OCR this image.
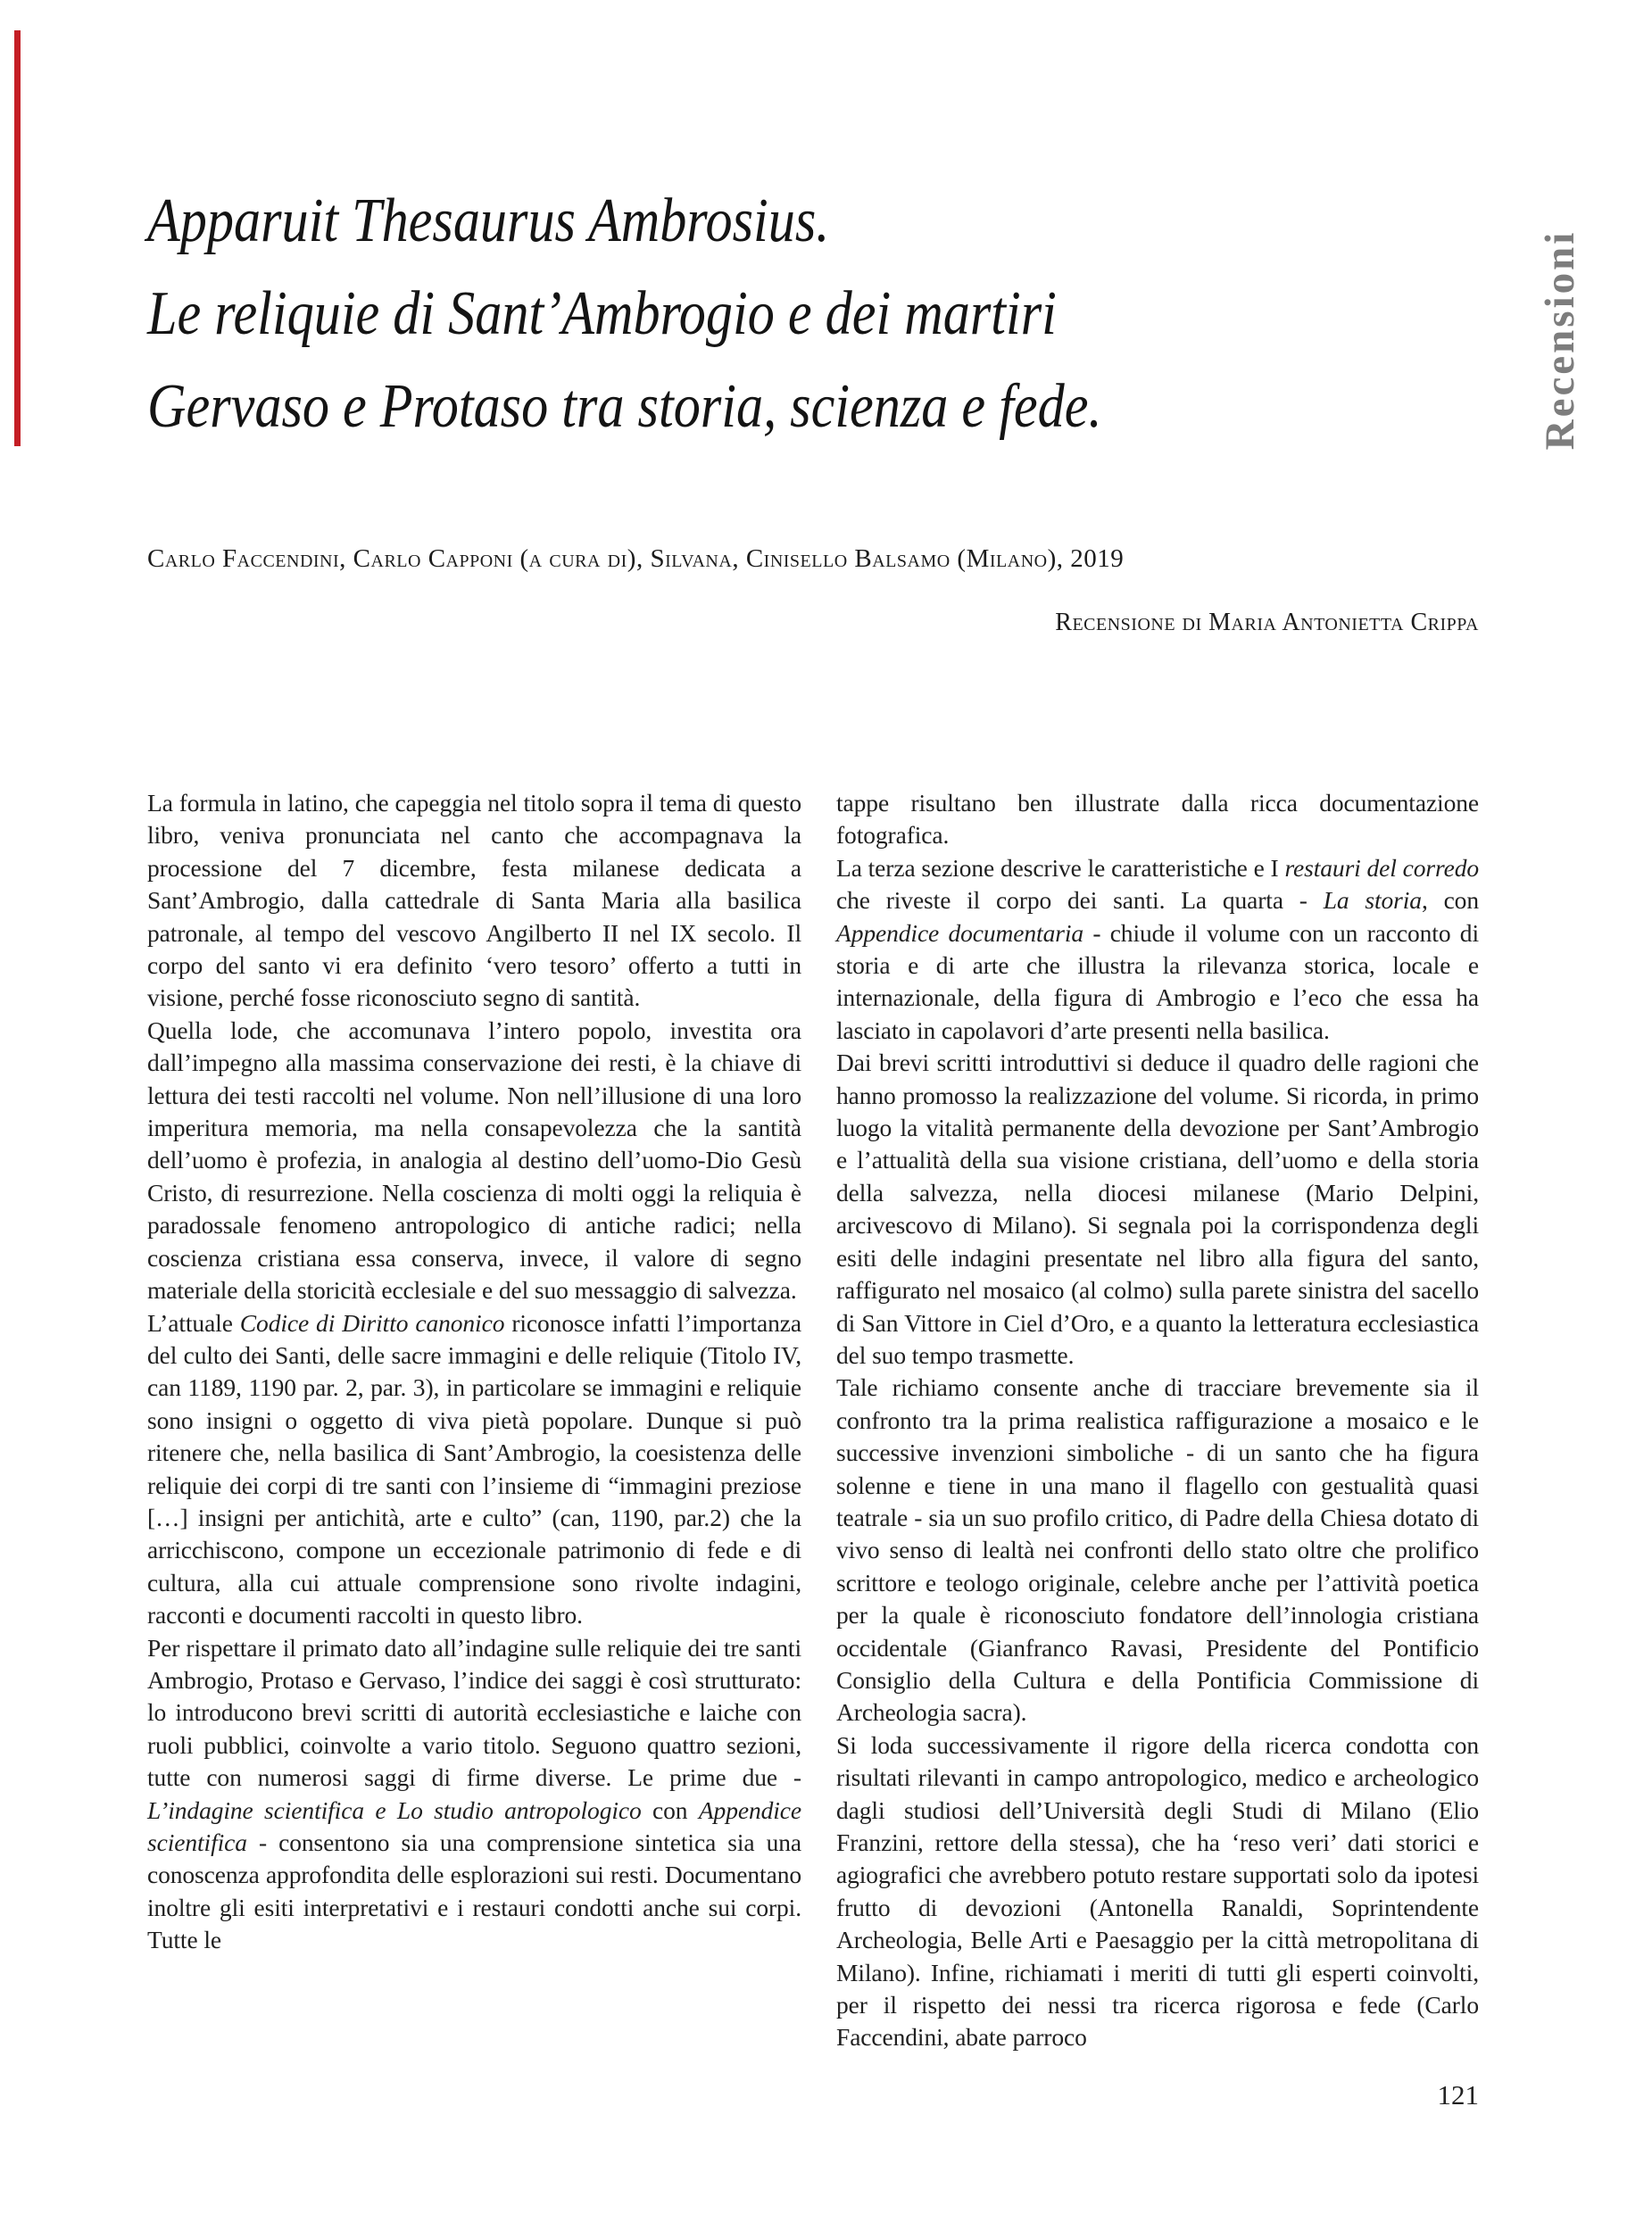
Recensioni
Apparuit Thesaurus Ambrosius.
Le reliquie di Sant’Ambrogio e dei martiri
Gervaso e Protaso tra storia, scienza e fede.
Carlo Faccendini, Carlo Capponi (a cura di), Silvana, Cinisello Balsamo (Milano), 2019
Recensione di Maria Antonietta Crippa

La formula in latino, che capeggia nel titolo sopra il tema di questo libro, veniva pronunciata nel canto che accompagnava la processione del 7 dicembre, festa milanese dedicata a Sant’Ambrogio, dalla cattedrale di Santa Maria alla basilica patronale, al tempo del vescovo Angilberto II nel IX secolo. Il corpo del santo vi era definito ‘vero tesoro’ offerto a tutti in visione, perché fosse riconosciuto segno di santità.

Quella lode, che accomunava l’intero popolo, investita ora dall’impegno alla massima conservazione dei resti, è la chiave di lettura dei testi raccolti nel volume. Non nell’illusione di una loro imperitura memoria, ma nella consapevolezza che la santità dell’uomo è profezia, in analogia al destino dell’uomo-Dio Gesù Cristo, di resurrezione. Nella coscienza di molti oggi la reliquia è paradossale fenomeno antropologico di antiche radici; nella coscienza cristiana essa conserva, invece, il valore di segno materiale della storicità ecclesiale e del suo messaggio di salvezza.

L’attuale Codice di Diritto canonico riconosce infatti l’importanza del culto dei Santi, delle sacre immagini e delle reliquie (Titolo IV, can 1189, 1190 par. 2, par. 3), in particolare se immagini e reliquie sono insigni o oggetto di viva pietà popolare. Dunque si può ritenere che, nella basilica di Sant’Ambrogio, la coesistenza delle reliquie dei corpi di tre santi con l’insieme di “immagini preziose […] insigni per antichità, arte e culto” (can, 1190, par.2) che la arricchiscono, compone un eccezionale patrimonio di fede e di cultura, alla cui attuale comprensione sono rivolte indagini, racconti e documenti raccolti in questo libro.

Per rispettare il primato dato all’indagine sulle reliquie dei tre santi Ambrogio, Protaso e Gervaso, l’indice dei saggi è così strutturato: lo introducono brevi scritti di autorità ecclesiastiche e laiche con ruoli pubblici, coinvolte a vario titolo. Seguono quattro sezioni, tutte con numerosi saggi di firme diverse. Le prime due - L’indagine scientifica e Lo studio antropologico con Appendice scientifica - consentono sia una comprensione sintetica sia una conoscenza approfondita delle esplorazioni sui resti. Documentano inoltre gli esiti interpretativi e i restauri condotti anche sui corpi. Tutte le

tappe risultano ben illustrate dalla ricca documentazione fotografica.

La terza sezione descrive le caratteristiche e I restauri del corredo che riveste il corpo dei santi. La quarta - La storia, con Appendice documentaria - chiude il volume con un racconto di storia e di arte che illustra la rilevanza storica, locale e internazionale, della figura di Ambrogio e l’eco che essa ha lasciato in capolavori d’arte presenti nella basilica.

Dai brevi scritti introduttivi si deduce il quadro delle ragioni che hanno promosso la realizzazione del volume. Si ricorda, in primo luogo la vitalità permanente della devozione per Sant’Ambrogio e l’attualità della sua visione cristiana, dell’uomo e della storia della salvezza, nella diocesi milanese (Mario Delpini, arcivescovo di Milano). Si segnala poi la corrispondenza degli esiti delle indagini presentate nel libro alla figura del santo, raffigurato nel mosaico (al colmo) sulla parete sinistra del sacello di San Vittore in Ciel d’Oro, e a quanto la letteratura ecclesiastica del suo tempo trasmette.

Tale richiamo consente anche di tracciare brevemente sia il confronto tra la prima realistica raffigurazione a mosaico e le successive invenzioni simboliche - di un santo che ha figura solenne e tiene in una mano il flagello con gestualità quasi teatrale - sia un suo profilo critico, di Padre della Chiesa dotato di vivo senso di lealtà nei confronti dello stato oltre che prolifico scrittore e teologo originale, celebre anche per l’attività poetica per la quale è riconosciuto fondatore dell’innologia cristiana occidentale (Gianfranco Ravasi, Presidente del Pontificio Consiglio della Cultura e della Pontificia Commissione di Archeologia sacra).

Si loda successivamente il rigore della ricerca condotta con risultati rilevanti in campo antropologico, medico e archeologico dagli studiosi dell’Università degli Studi di Milano (Elio Franzini, rettore della stessa), che ha ‘reso veri’ dati storici e agiografici che avrebbero potuto restare supportati solo da ipotesi frutto di devozioni (Antonella Ranaldi, Soprintendente Archeologia, Belle Arti e Paesaggio per la città metropolitana di Milano). Infine, richiamati i meriti di tutti gli esperti coinvolti, per il rispetto dei nessi tra ricerca rigorosa e fede (Carlo Faccendini, abate parroco

121
